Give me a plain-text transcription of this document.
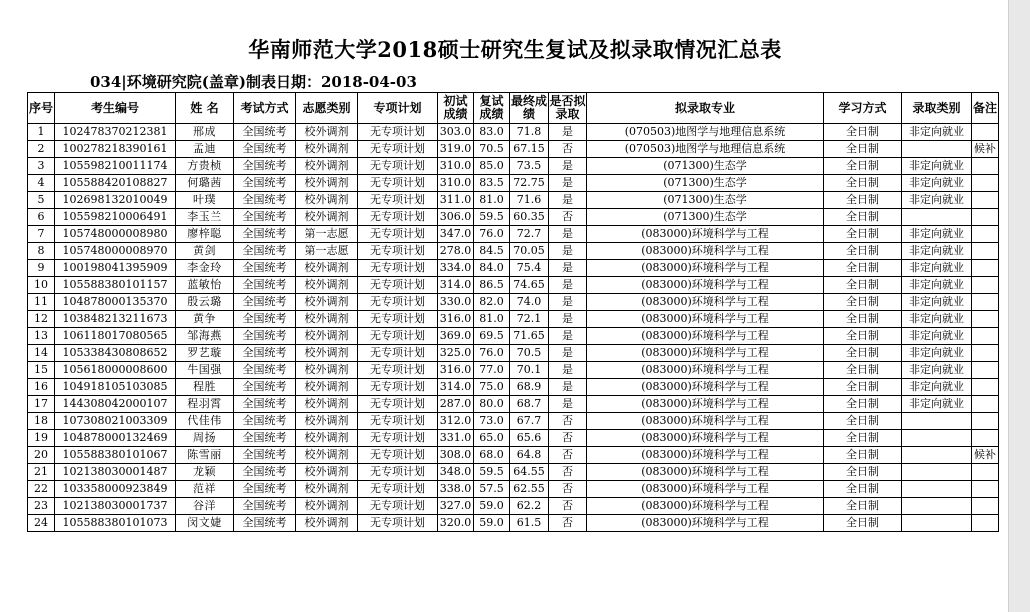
华南师范大学2018硕士研究生复试及拟录取情况汇总表
034|环境研究院(盖章)制表日期：2018-04-03
序号	考生编号	姓 名	考试方式	志愿类别	专项计划	初试成绩	复试成绩	最终成绩	是否拟录取	拟录取专业	学习方式	录取类别	备注
1	102478370212381	邢成	全国统考	校外调剂	无专项计划	303.0	83.0	71.8	是	(070503)地图学与地理信息系统	全日制	非定向就业	
2	100278218390161	孟迪	全国统考	校外调剂	无专项计划	319.0	70.5	67.15	否	(070503)地图学与地理信息系统	全日制		候补
3	105598210011174	方贵桢	全国统考	校外调剂	无专项计划	310.0	85.0	73.5	是	(071300)生态学	全日制	非定向就业	
4	105588420108827	何璐茜	全国统考	校外调剂	无专项计划	310.0	83.5	72.75	是	(071300)生态学	全日制	非定向就业	
5	102698132010049	叶璞	全国统考	校外调剂	无专项计划	311.0	81.0	71.6	是	(071300)生态学	全日制	非定向就业	
6	105598210006491	李玉兰	全国统考	校外调剂	无专项计划	306.0	59.5	60.35	否	(071300)生态学	全日制		
7	105748000008980	廖梓聪	全国统考	第一志愿	无专项计划	347.0	76.0	72.7	是	(083000)环境科学与工程	全日制	非定向就业	
8	105748000008970	黄剑	全国统考	第一志愿	无专项计划	278.0	84.5	70.05	是	(083000)环境科学与工程	全日制	非定向就业	
9	100198041395909	李金玲	全国统考	校外调剂	无专项计划	334.0	84.0	75.4	是	(083000)环境科学与工程	全日制	非定向就业	
10	105588380101157	蓝敏怡	全国统考	校外调剂	无专项计划	314.0	86.5	74.65	是	(083000)环境科学与工程	全日制	非定向就业	
11	104878000135370	殷云璐	全国统考	校外调剂	无专项计划	330.0	82.0	74.0	是	(083000)环境科学与工程	全日制	非定向就业	
12	103848213211673	黄争	全国统考	校外调剂	无专项计划	316.0	81.0	72.1	是	(083000)环境科学与工程	全日制	非定向就业	
13	106118017080565	邹海燕	全国统考	校外调剂	无专项计划	369.0	69.5	71.65	是	(083000)环境科学与工程	全日制	非定向就业	
14	105338430808652	罗艺璇	全国统考	校外调剂	无专项计划	325.0	76.0	70.5	是	(083000)环境科学与工程	全日制	非定向就业	
15	105618000008600	牛国强	全国统考	校外调剂	无专项计划	316.0	77.0	70.1	是	(083000)环境科学与工程	全日制	非定向就业	
16	104918105103085	程胜	全国统考	校外调剂	无专项计划	314.0	75.0	68.9	是	(083000)环境科学与工程	全日制	非定向就业	
17	144308042000107	程羽霄	全国统考	校外调剂	无专项计划	287.0	80.0	68.7	是	(083000)环境科学与工程	全日制	非定向就业	
18	107308021003309	代佳伟	全国统考	校外调剂	无专项计划	312.0	73.0	67.7	否	(083000)环境科学与工程	全日制		
19	104878000132469	周扬	全国统考	校外调剂	无专项计划	331.0	65.0	65.6	否	(083000)环境科学与工程	全日制		
20	105588380101067	陈雪丽	全国统考	校外调剂	无专项计划	308.0	68.0	64.8	否	(083000)环境科学与工程	全日制		候补
21	102138030001487	龙颖	全国统考	校外调剂	无专项计划	348.0	59.5	64.55	否	(083000)环境科学与工程	全日制		
22	103358000923849	范祥	全国统考	校外调剂	无专项计划	338.0	57.5	62.55	否	(083000)环境科学与工程	全日制		
23	102138030001737	谷洋	全国统考	校外调剂	无专项计划	327.0	59.0	62.2	否	(083000)环境科学与工程	全日制		
24	105588380101073	闵文婕	全国统考	校外调剂	无专项计划	320.0	59.0	61.5	否	(083000)环境科学与工程	全日制		
